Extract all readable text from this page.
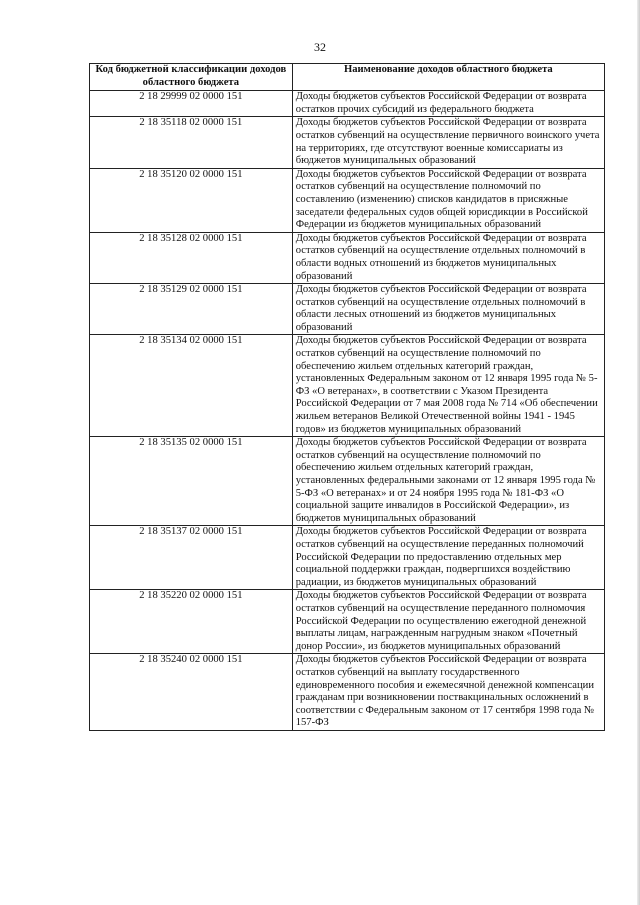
32
Код бюджетной классификации доходов областного бюджета	Наименование доходов областного бюджета
2 18 29999 02 0000 151	Доходы бюджетов субъектов Российской Федерации от возврата остатков прочих субсидий из федерального бюджета
2 18 35118 02 0000 151	Доходы бюджетов субъектов Российской Федерации от возврата остатков субвенций на осуществление первичного воинского учета на территориях, где отсутствуют военные комиссариаты из бюджетов муниципальных образований
2 18 35120 02 0000 151	Доходы бюджетов субъектов Российской Федерации от возврата остатков субвенций на осуществление полномочий по составлению (изменению) списков кандидатов в присяжные заседатели федеральных судов общей юрисдикции в Российской Федерации из бюджетов муниципальных образований
2 18 35128 02 0000 151	Доходы бюджетов субъектов Российской Федерации от возврата остатков субвенций на осуществление отдельных полномочий в области водных отношений из бюджетов муниципальных образований
2 18 35129 02 0000 151	Доходы бюджетов субъектов Российской Федерации от возврата остатков субвенций на осуществление отдельных полномочий в области лесных отношений из бюджетов муниципальных образований
2 18 35134 02 0000 151	Доходы бюджетов субъектов Российской Федерации от возврата остатков субвенций на осуществление полномочий по обеспечению жильем отдельных категорий граждан, установленных Федеральным законом от 12 января 1995 года № 5-ФЗ «О ветеранах», в соответствии с Указом Президента Российской Федерации от 7 мая 2008 года № 714 «Об обеспечении жильем ветеранов Великой Отечественной войны 1941 - 1945 годов» из бюджетов муниципальных образований
2 18 35135 02 0000 151	Доходы бюджетов субъектов Российской Федерации от возврата остатков субвенций на осуществление полномочий по обеспечению жильем отдельных категорий граждан, установленных федеральными законами от 12 января 1995 года № 5-ФЗ «О ветеранах» и от 24 ноября 1995 года № 181-ФЗ «О социальной защите инвалидов в Российской Федерации», из бюджетов муниципальных образований
2 18 35137 02 0000 151	Доходы бюджетов субъектов Российской Федерации от возврата остатков субвенций на осуществление переданных полномочий Российской Федерации по предоставлению отдельных мер социальной поддержки граждан, подвергшихся воздействию радиации, из бюджетов муниципальных образований
2 18 35220 02 0000 151	Доходы бюджетов субъектов Российской Федерации от возврата остатков субвенций на осуществление переданного полномочия Российской Федерации по осуществлению ежегодной денежной выплаты лицам, награжденным нагрудным знаком «Почетный донор России», из бюджетов муниципальных образований
2 18 35240 02 0000 151	Доходы бюджетов субъектов Российской Федерации от возврата остатков субвенций на выплату государственного единовременного пособия и ежемесячной денежной компенсации гражданам при возникновении поствакцинальных осложнений в соответствии с Федеральным законом от 17 сентября 1998 года № 157-ФЗ
